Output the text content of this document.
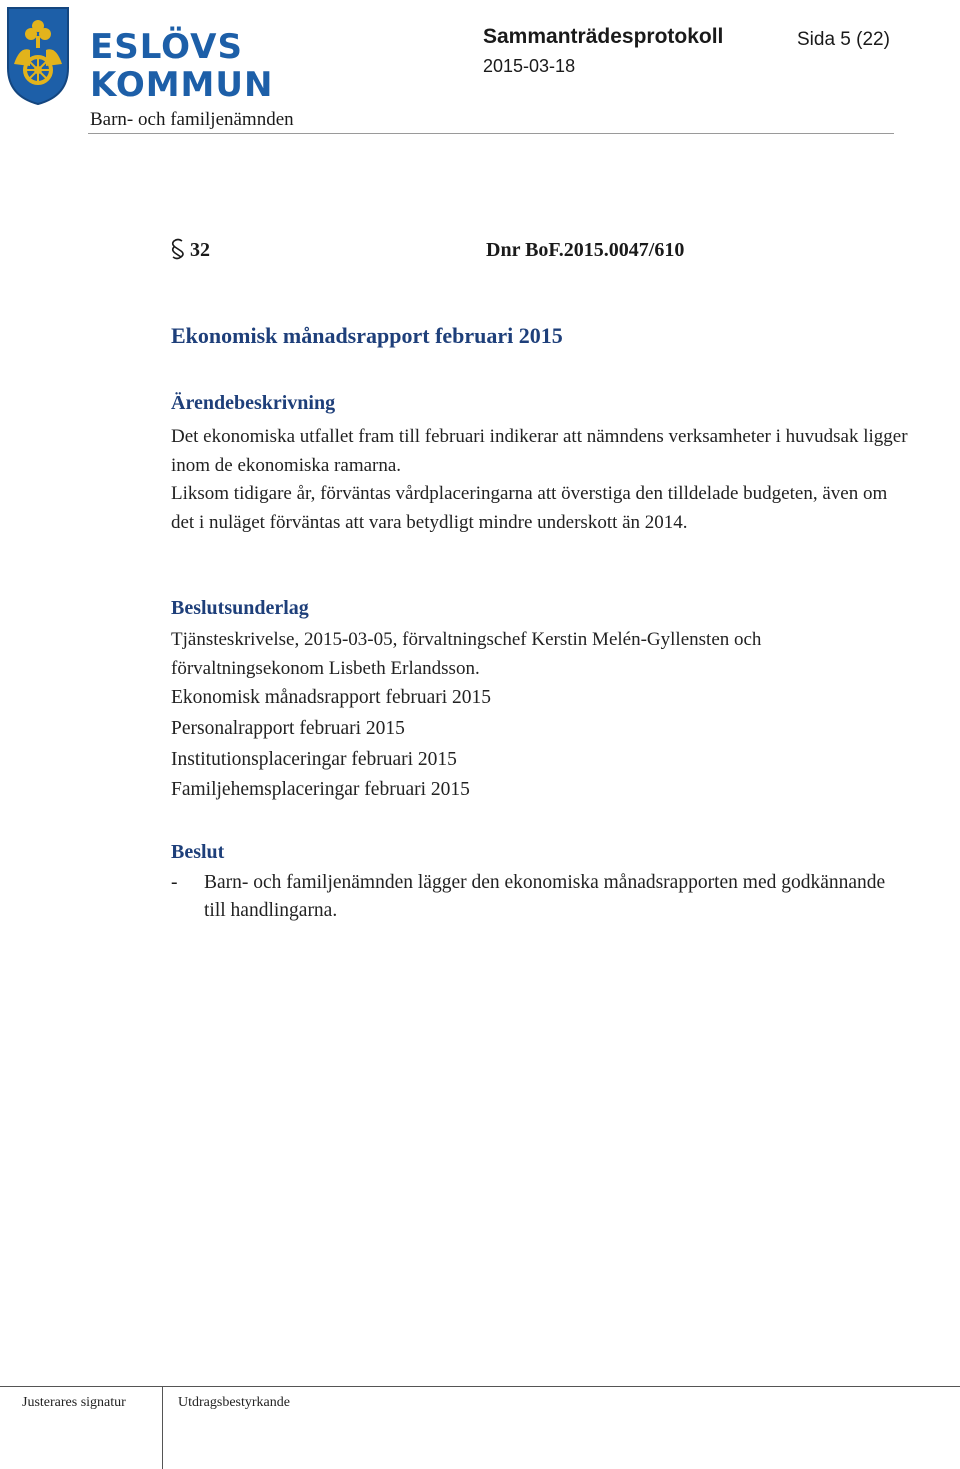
ESLÖVS
KOMMUN
Barn- och familjenämnden
Sammanträdesprotokoll	Sida 5 (22)
2015-03-18
32	Dnr BoF.2015.0047/610
Ekonomisk månadsrapport februari 2015
Ärendebeskrivning
Det ekonomiska utfallet fram till februari indikerar att nämndens verksamheter i huvudsak ligger inom de ekonomiska ramarna.
Liksom tidigare år, förväntas vårdplaceringarna att överstiga den tilldelade budgeten, även om det i nuläget förväntas att vara betydligt mindre underskott än 2014.
Beslutsunderlag
Tjänsteskrivelse, 2015-03-05, förvaltningschef Kerstin Melén-Gyllensten och förvaltningsekonom Lisbeth Erlandsson.
Ekonomisk månadsrapport februari 2015
Personalrapport februari 2015
Institutionsplaceringar februari 2015
Familjehemsplaceringar februari 2015
Beslut
- Barn- och familjenämnden lägger den ekonomiska månadsrapporten med godkännande till handlingarna.
Justerares signatur	Utdragsbestyrkande
